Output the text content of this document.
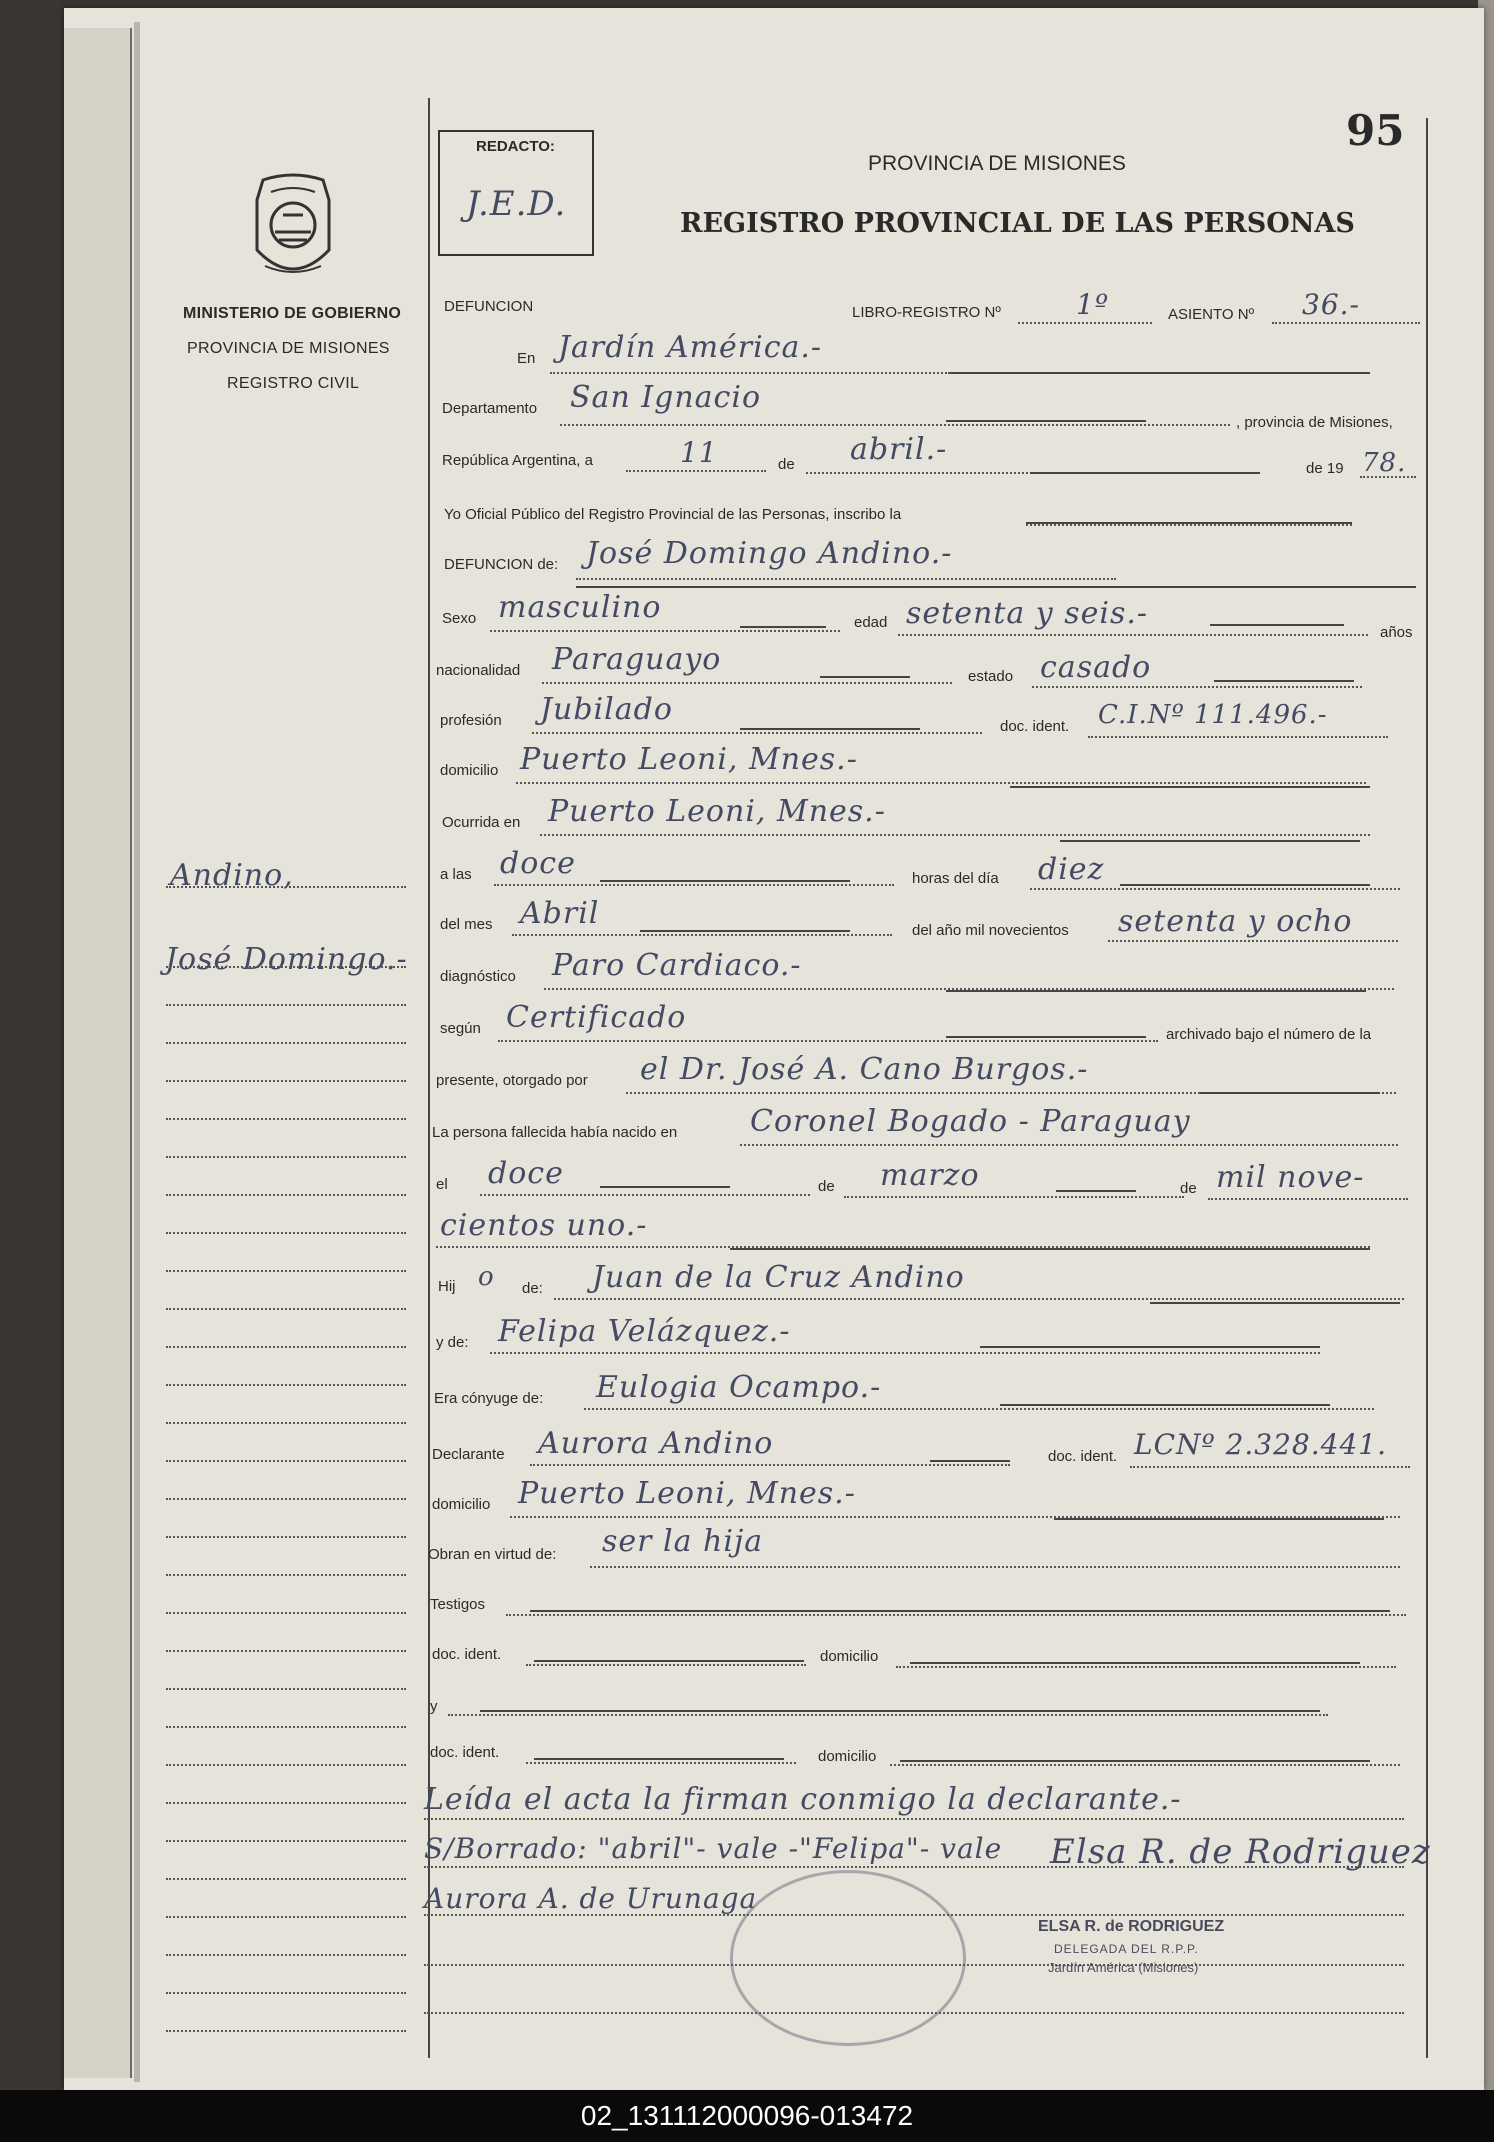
95
MINISTERIO DE GOBIERNO
PROVINCIA DE MISIONES
REGISTRO CIVIL
Andino,
José Domingo.-
REDACTO:
J.E.D.
PROVINCIA DE MISIONES
REGISTRO PROVINCIAL DE LAS PERSONAS
DEFUNCION	LIBRO-REGISTRO Nº	1º	ASIENTO Nº 36.-
En Jardín América.-
Departamento San Ignacio
, provincia de Misiones,
República Argentina, a	11	de abril.-
de 19 78.
Yo Oficial Público del Registro Provincial de las Personas, inscribo la
DEFUNCION de: José Domingo Andino.-
Sexo masculino	edad setenta y seis.-
años
nacionalidad Paraguayo	estado casado
profesión Jubilado	doc. ident. C.I.Nº 111.496.-
domicilio Puerto Leoni, Mnes.-
Ocurrida en Puerto Leoni, Mnes.-
a las doce	horas del día diez
del mes Abril	del año mil novecientos setenta y ocho
diagnóstico Paro Cardiaco.-
según Certificado	archivado bajo el número de la
presente, otorgado por el Dr. José A. Cano Burgos.-
La persona fallecida había nacido en Coronel Bogado - Paraguay
el doce	de marzo	de mil nove-
cientos uno.-
Hij o de: Juan de la Cruz Andino
y de: Felipa Velázquez.-
Era cónyuge de: Eulogia Ocampo.-
Declarante Aurora Andino	doc. ident. LCNº 2.328.441.
domicilio Puerto Leoni, Mnes.-
Obran en virtud de: ser la hija
Testigos
doc. ident.	domicilio
y
doc. ident.	domicilio
Leída el acta la firman conmigo la declarante.-
S/Borrado: "abril"- vale -"Felipa"- vale
Aurora A. de Urunaga
Elsa R. de Rodriguez
ELSA R. de RODRIGUEZ
DELEGADA DEL R.P.P.
Jardín América (Misiones)
02_131112000096-013472
